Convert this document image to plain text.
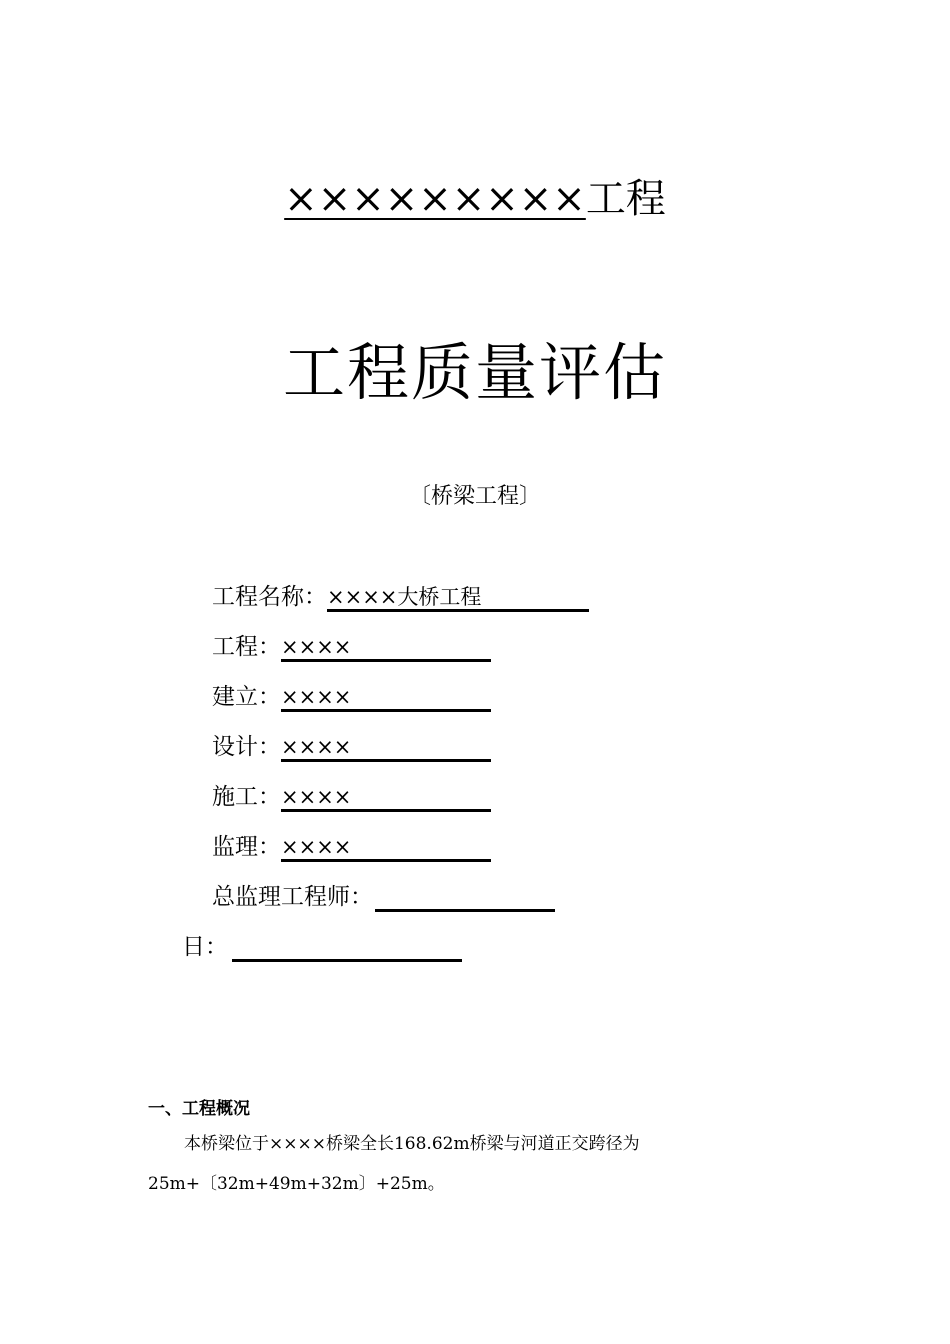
×××××××××工程
工程质量评估
〔桥梁工程〕
工程名称： ××××大桥工程
工程： ××××
建立： ××××
设计： ××××
施工： ××××
监理： ××××
总监理工程师：
日：
一、工程概况
本桥梁位于××××桥梁全长168.62m桥梁与河道正交跨径为
25m+〔32m+49m+32m〕+25m。
